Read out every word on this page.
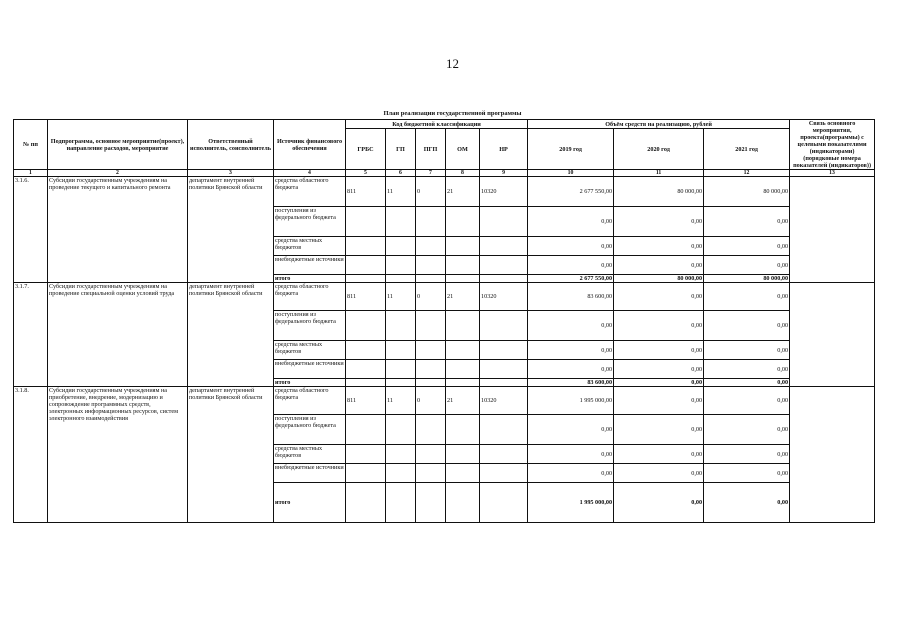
12
План реализации государственной программы
№ пп	Подпрограмма, основное мероприятие(проект), направление расходов, мероприятие	Ответственный исполнитель, соисполнитель	Источник финансового обеспечения	Код бюджетной классификации					Объём средств на реализацию, рублей			Связь основного мероприятия, проекта(программы) с целевыми показателями (индикаторами) (порядковые номера показателей (индикаторов))
				ГРБС	ГП	ПГП	ОМ	НР	2019 год	2020 год	2021 год	

1	2	3	4	5	6	7	8	9	10	11	12	13
3.1.6.	Субсидии государственным учреждениям на проведение текущего и капитального ремонта	департамент внутренней политики Брянской области	средства областного бюджета	811	11	0	21	10320	2 677 550,00	80 000,00	80 000,00	
			поступления из федерального бюджета						0,00	0,00	0,00	
			средства местных бюджетов						0,00	0,00	0,00	
			внебюджетные источники						0,00	0,00	0,00	
			итого						2 677 550,00	80 000,00	80 000,00	
3.1.7.	Субсидии государственным учреждениям на проведение специальной оценки условий труда	департамент внутренней политики Брянской области	средства областного бюджета	811	11	0	21	10320	83 600,00	0,00	0,00	
			поступления из федерального бюджета						0,00	0,00	0,00	
			средства местных бюджетов						0,00	0,00	0,00	
			внебюджетные источники						0,00	0,00	0,00	
			итого						83 600,00	0,00	0,00	
3.1.8.	Субсидии государственным учреждениям на приобретение, внедрение, модернизацию и сопровождение программных средств, электронных информационных ресурсов, систем электронного взаимодействия	департамент внутренней политики Брянской области	средства областного бюджета	811	11	0	21	10320	1 995 000,00	0,00	0,00	
			поступления из федерального бюджета						0,00	0,00	0,00	
			средства местных бюджетов						0,00	0,00	0,00	
			внебюджетные источники						0,00	0,00	0,00	
			итого						1 995 000,00	0,00	0,00	
